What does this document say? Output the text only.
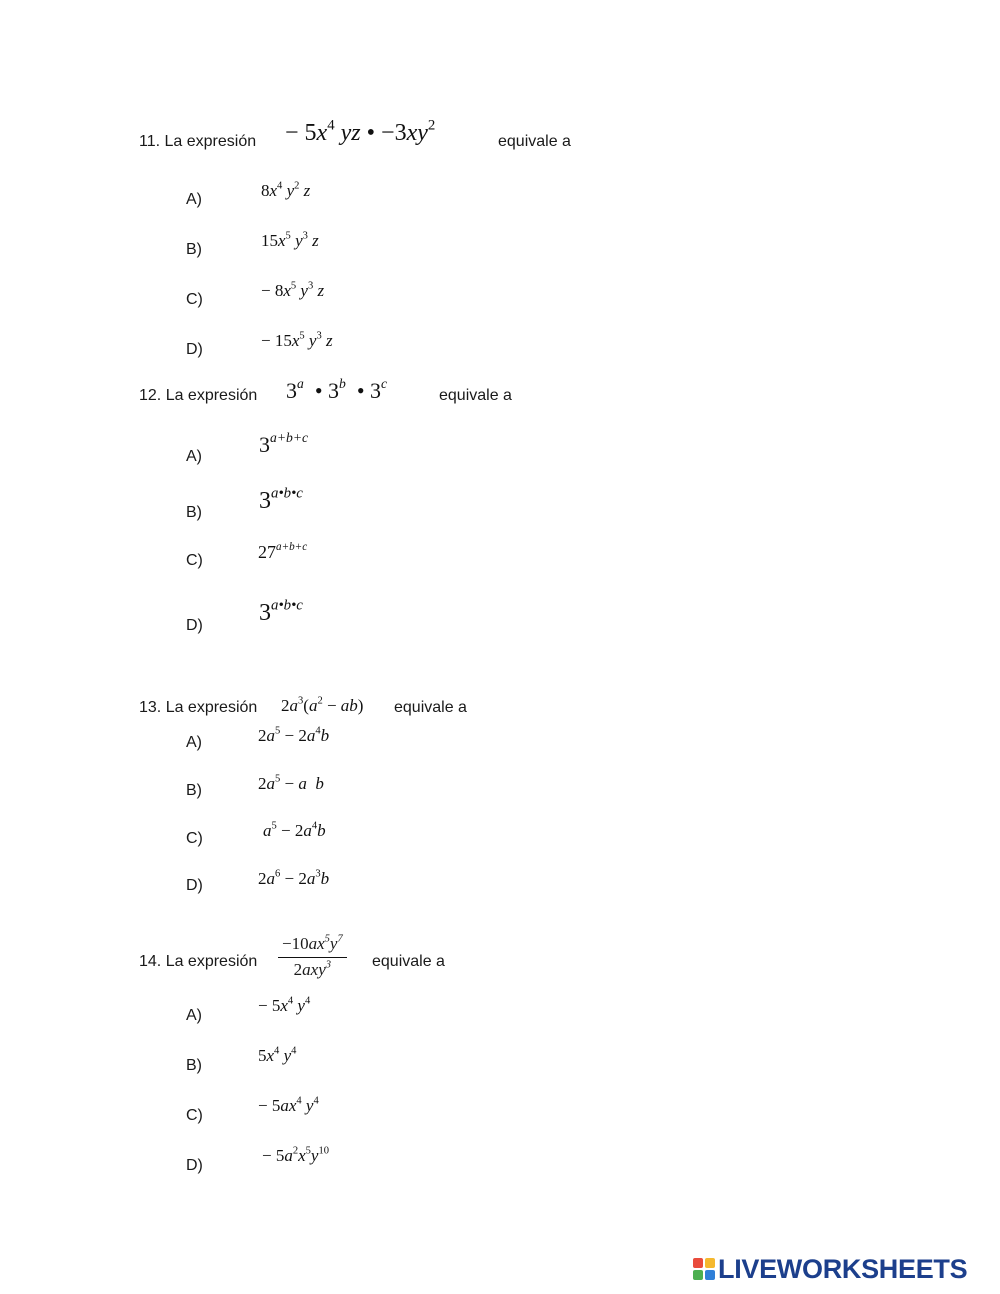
11. La expresión − $5x^4$ yz • $-3xy^2$
equivale a
A)	$8x^4$ $y^2$ z
B)	$15x^5$ $y^3$ z
C)	− $8x^5$ $y^3$ z
D)	− $15x^5$ $y^3$ z
12. La expresión 3$^a$ • 3$^b$ • 3$^c$
equivale a
A)	$3^{a+b+c}$
B) $3^{a•b•c}$
C)	$27^{a+b+c}$
D) $3^{a•b•c}$
13. La expresión $2a^3(a^2 - ab)$ equivale a
A)	$2a^5 - 2a^4b$
B)	$2a^5 - a$  b
C)	$a^5 - 2a^4b$
D)	$2a^6 - 2a^3b$
14. La expresión
$-10ax^5y^7$
2axy$^3$	equivale a
A)
− $5x^4$ $y^4$
B)
$5x^4$ $y^4$
C)
− $5ax^4$ $y^4$
D)
− $5a^2x^5y^{10}$
LIVEWORKSHEETS
